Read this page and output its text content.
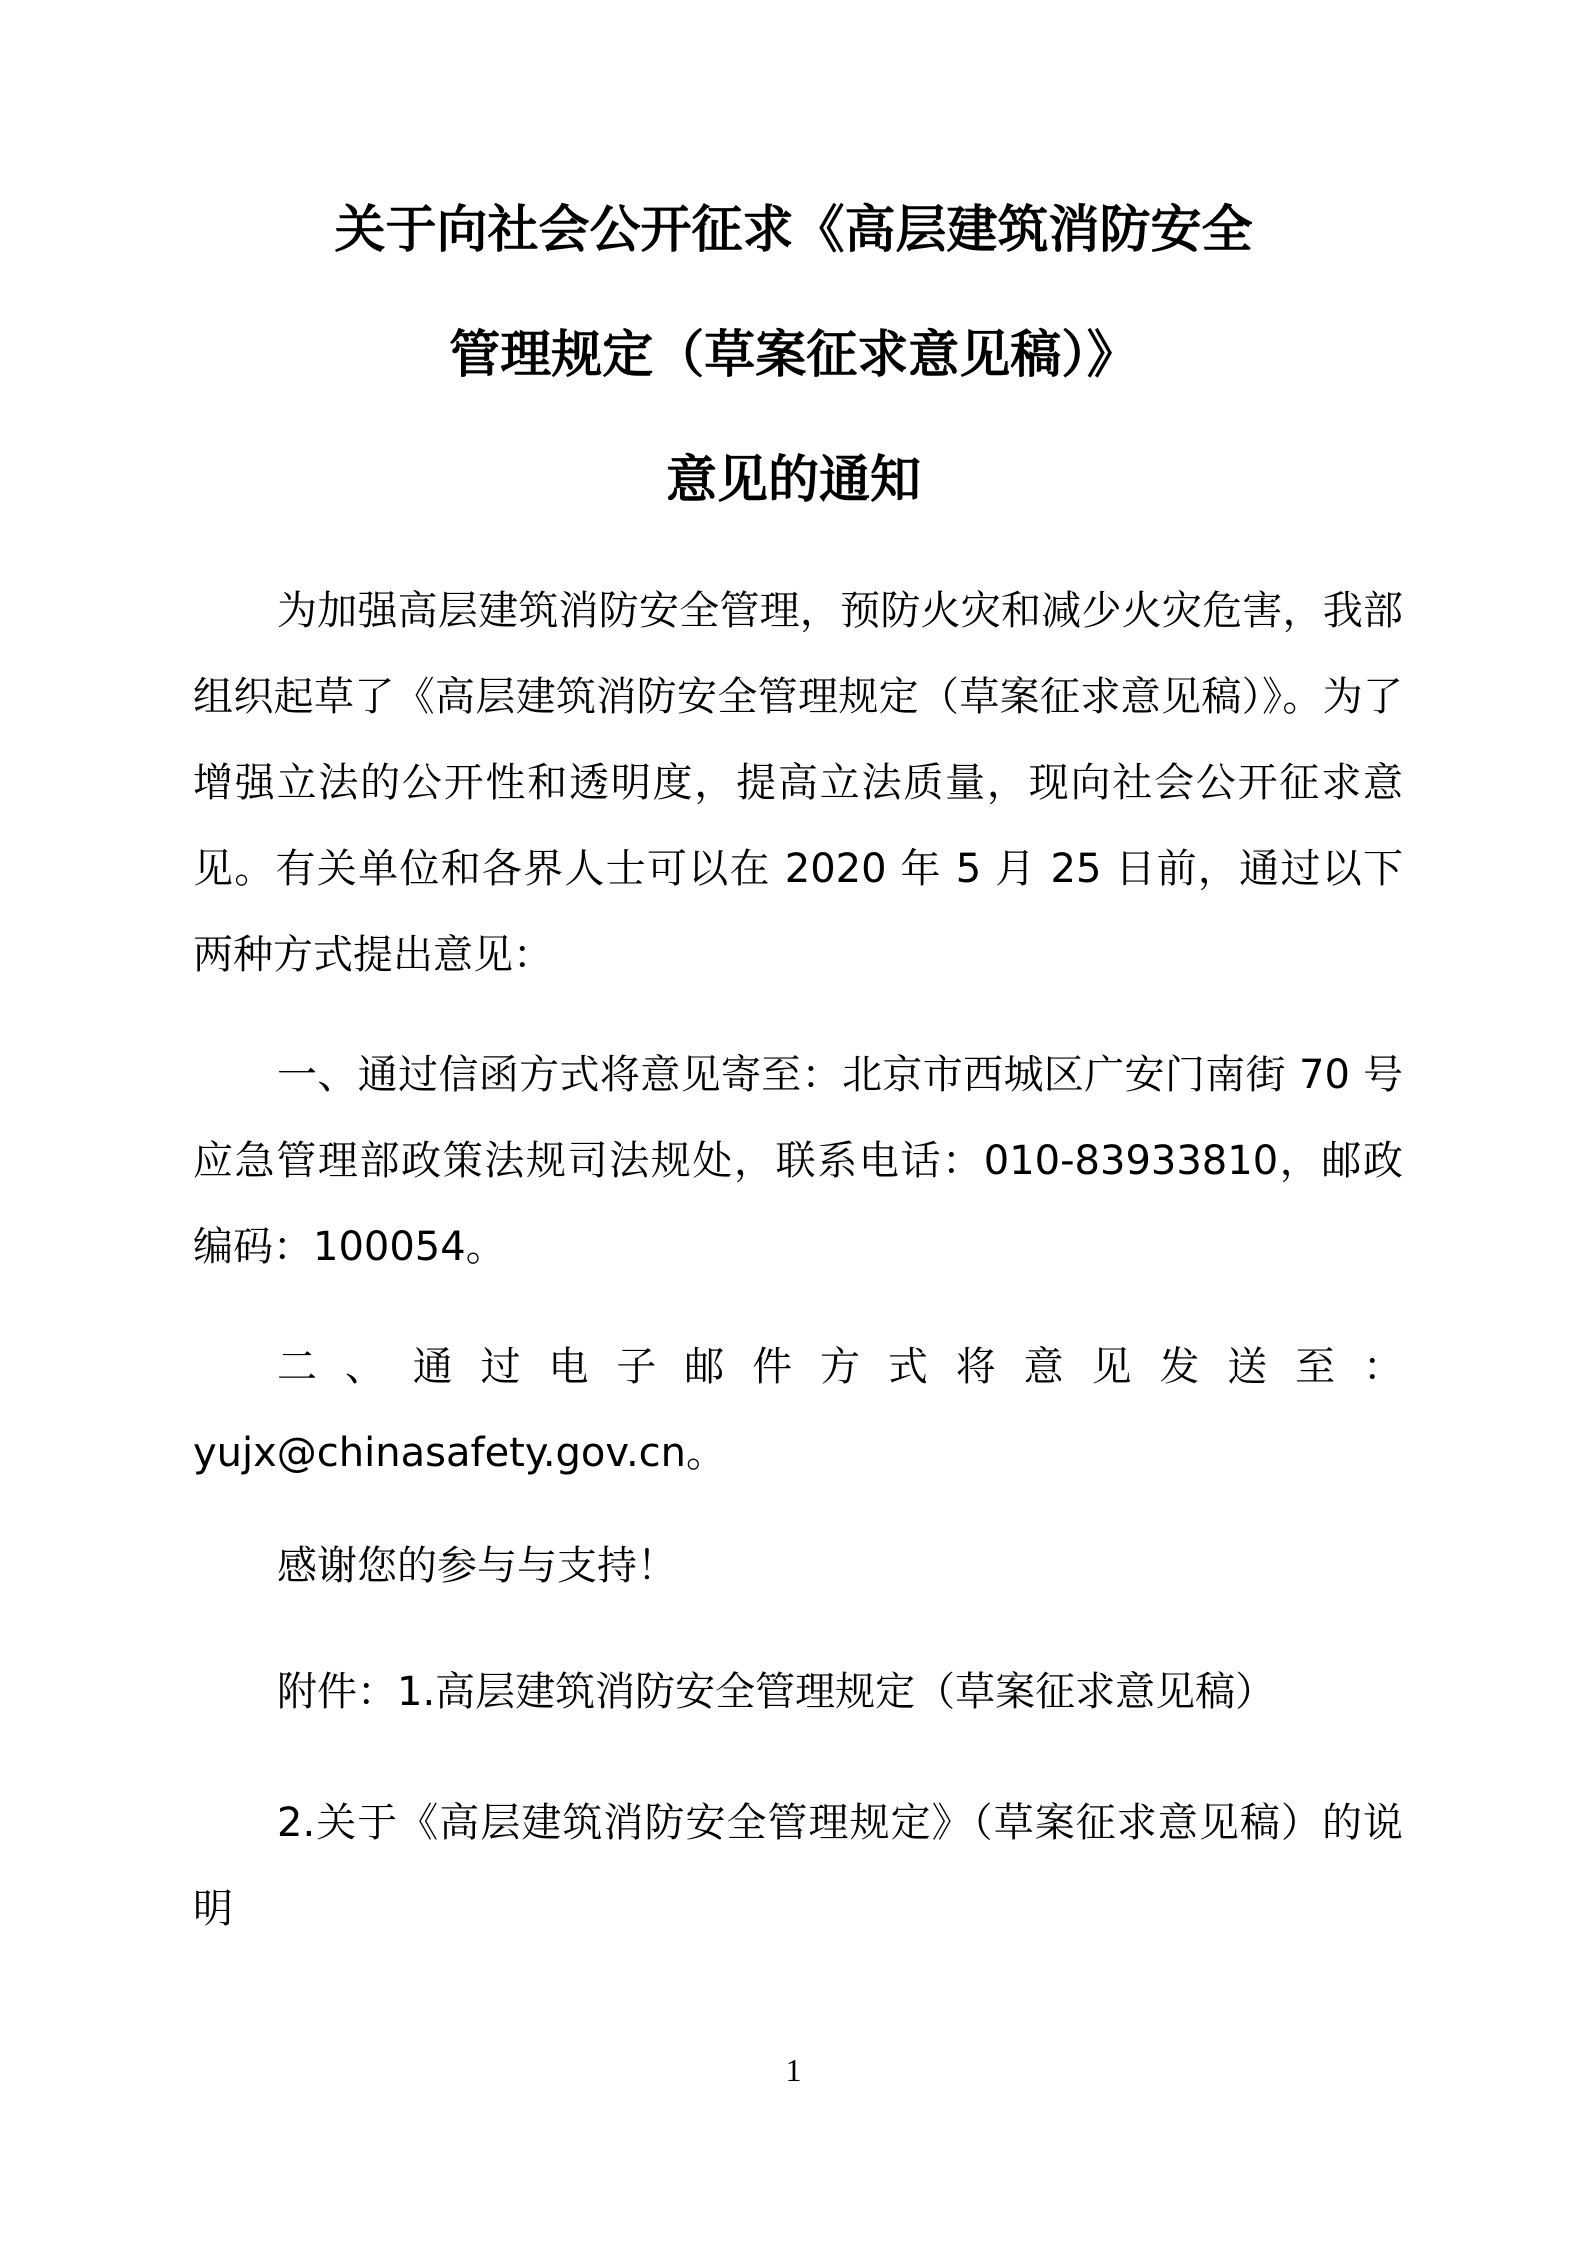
关于向社会公开征求《高层建筑消防安全
管理规定（草案征求意见稿）》
意见的通知

为加强高层建筑消防安全管理，预防火灾和减少火灾危害，我部组织起草了《高层建筑消防安全管理规定（草案征求意见稿）》。为了增强立法的公开性和透明度，提高立法质量，现向社会公开征求意见。有关单位和各界人士可以在 2020 年 5 月 25 日前，通过以下两种方式提出意见：

一、通过信函方式将意见寄至：北京市西城区广安门南街 70 号应急管理部政策法规司法规处，联系电话：010-83933810，邮政编码：100054。

二、通过电子邮件方式将意见发送至：yujx@chinasafety.gov.cn。

感谢您的参与与支持！

附件：1.高层建筑消防安全管理规定（草案征求意见稿）

2.关于《高层建筑消防安全管理规定》（草案征求意见稿）的说明

1
